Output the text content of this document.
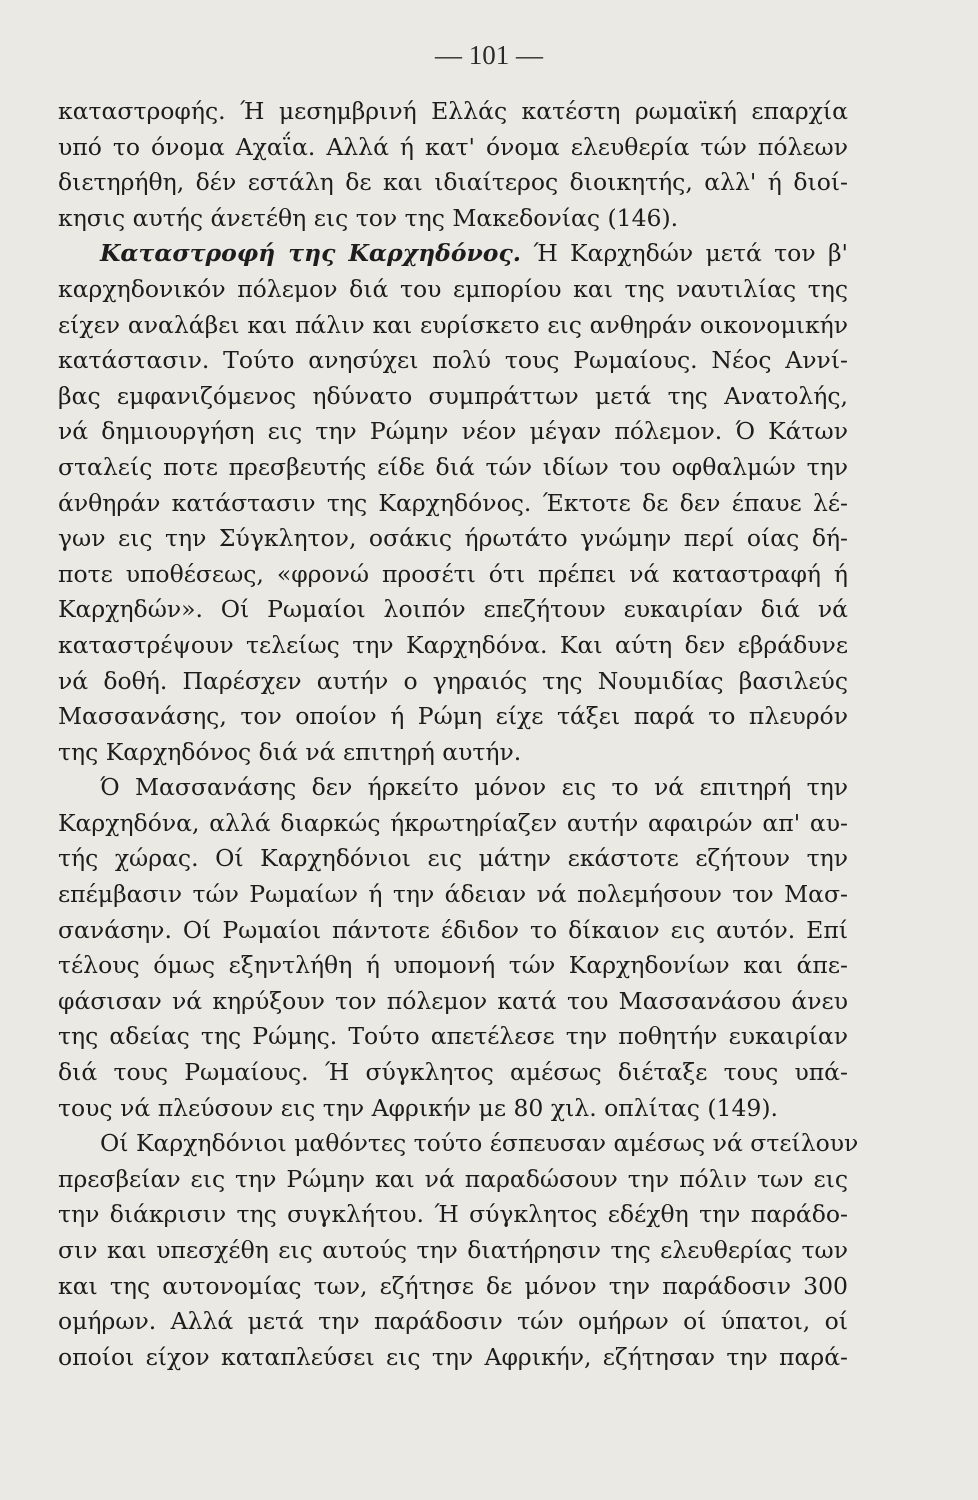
— 101 —
καταστροφής. Ή μεσημβρινή Ελλάς κατέστη ρωμαϊκή επαρχία
υπό το όνομα Αχαΐα. Αλλά ή κατ' όνομα ελευθερία τών πόλεων
διετηρήθη, δέν εστάλη δε και ιδιαίτερος διοικητής, αλλ' ή διοί-
κησις αυτής άνετέθη εις τον της Μακεδονίας (146).
Καταστροφή της Καρχηδόνος. Ή Καρχηδών μετά τον β'
καρχηδονικόν πόλεμον διά του εμπορίου και της ναυτιλίας της
είχεν αναλάβει και πάλιν και ευρίσκετο εις ανθηράν οικονομικήν
κατάστασιν. Τούτο ανησύχει πολύ τους Ρωμαίους. Νέος Αννί-
βας εμφανιζόμενος ηδύνατο συμπράττων μετά της Ανατολής,
νά δημιουργήση εις την Ρώμην νέον μέγαν πόλεμον. Ό Κάτων
σταλείς ποτε πρεσβευτής είδε διά τών ιδίων του οφθαλμών την
άνθηράν κατάστασιν της Καρχηδόνος. Έκτοτε δε δεν έπαυε λέ-
γων εις την Σύγκλητον, οσάκις ήρωτάτο γνώμην περί οίας δή-
ποτε υποθέσεως, «φρονώ προσέτι ότι πρέπει νά καταστραφή ή
Καρχηδών». Οί Ρωμαίοι λοιπόν επεζήτουν ευκαιρίαν διά νά
καταστρέψουν τελείως την Καρχηδόνα. Και αύτη δεν εβράδυνε
νά δοθή. Παρέσχεν αυτήν ο γηραιός της Νουμιδίας βασιλεύς
Μασσανάσης, τον οποίον ή Ρώμη είχε τάξει παρά το πλευρόν
της Καρχηδόνος διά νά επιτηρή αυτήν.
Ό Μασσανάσης δεν ήρκείτο μόνον εις το νά επιτηρή την
Καρχηδόνα, αλλά διαρκώς ήκρωτηρίαζεν αυτήν αφαιρών απ' αυ-
τής χώρας. Οί Καρχηδόνιοι εις μάτην εκάστοτε εζήτουν την
επέμβασιν τών Ρωμαίων ή την άδειαν νά πολεμήσουν τον Μασ-
σανάσην. Οί Ρωμαίοι πάντοτε έδιδον το δίκαιον εις αυτόν. Επί
τέλους όμως εξηντλήθη ή υπομονή τών Καρχηδονίων και άπε-
φάσισαν νά κηρύξουν τον πόλεμον κατά του Μασσανάσου άνευ
της αδείας της Ρώμης. Τούτο απετέλεσε την ποθητήν ευκαιρίαν
διά τους Ρωμαίους. Ή σύγκλητος αμέσως διέταξε τους υπά-
τους νά πλεύσουν εις την Αφρικήν με 80 χιλ. οπλίτας (149).
Οί Καρχηδόνιοι μαθόντες τούτο έσπευσαν αμέσως νά στείλουν
πρεσβείαν εις την Ρώμην και νά παραδώσουν την πόλιν των εις
την διάκρισιν της συγκλήτου. Ή σύγκλητος εδέχθη την παράδο-
σιν και υπεσχέθη εις αυτούς την διατήρησιν της ελευθερίας των
και της αυτονομίας των, εζήτησε δε μόνον την παράδοσιν 300
ομήρων. Αλλά μετά την παράδοσιν τών ομήρων οί ύπατοι, οί
οποίοι είχον καταπλεύσει εις την Αφρικήν, εζήτησαν την παρά-
